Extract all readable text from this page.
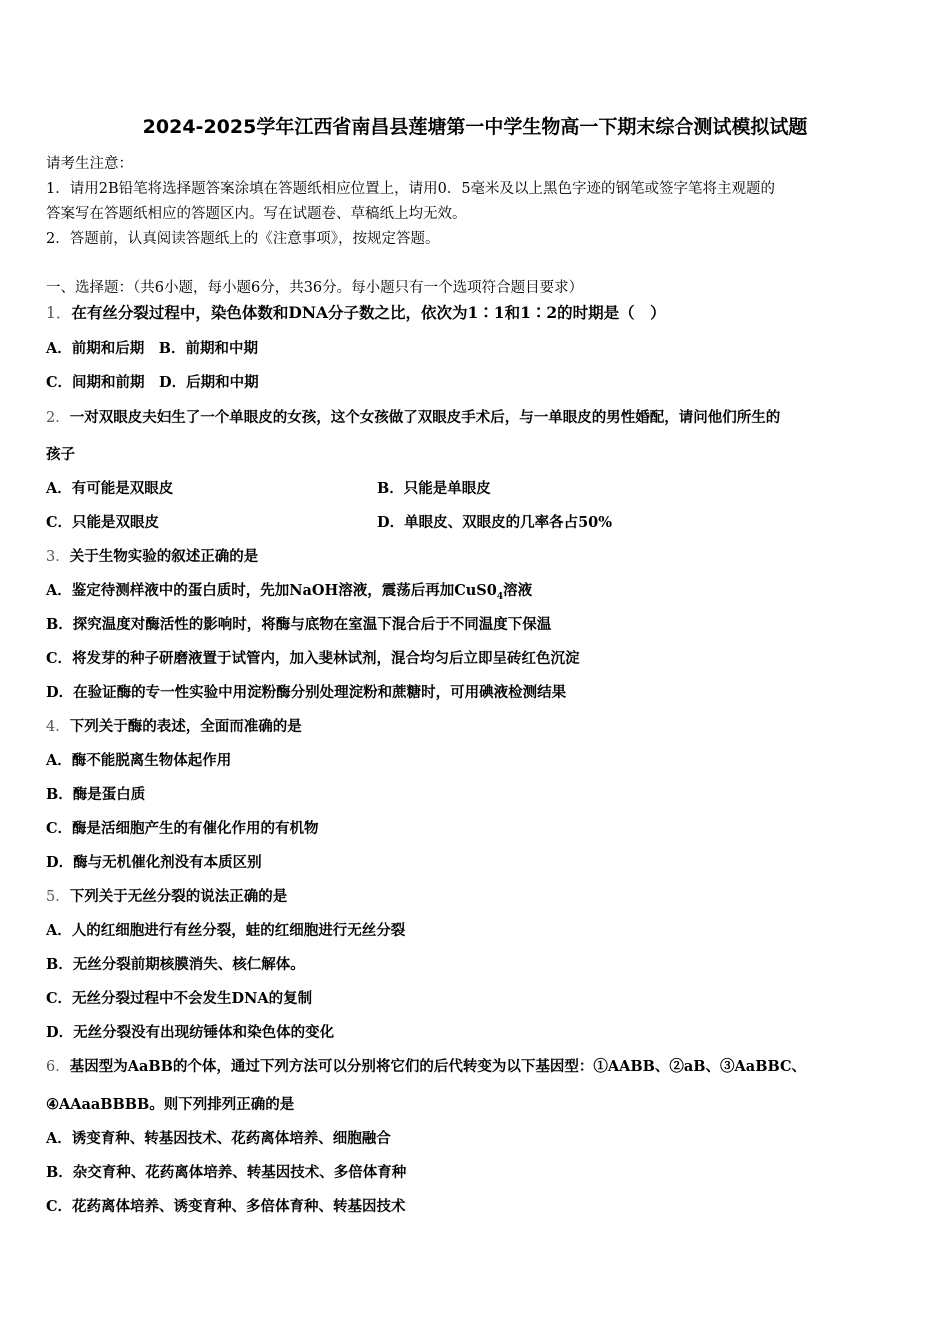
2024-2025学年江西省南昌县莲塘第一中学生物高一下期末综合测试模拟试题
请考生注意：
1．请用2B铅笔将选择题答案涂填在答题纸相应位置上，请用0．5毫米及以上黑色字迹的钢笔或签字笔将主观题的
答案写在答题纸相应的答题区内。写在试题卷、草稿纸上均无效。
2．答题前，认真阅读答题纸上的《注意事项》，按规定答题。
一、选择题：（共6小题，每小题6分，共36分。每小题只有一个选项符合题目要求）
1．在有丝分裂过程中，染色体数和DNA分子数之比，依次为1∶1和1∶2的时期是（　）
A．前期和后期　B．前期和中期
C．间期和前期　D．后期和中期
2．一对双眼皮夫妇生了一个单眼皮的女孩，这个女孩做了双眼皮手术后，与一单眼皮的男性婚配，请问他们所生的
孩子
A．有可能是双眼皮	B．只能是单眼皮
C．只能是双眼皮	D．单眼皮、双眼皮的几率各占50%
3．关于生物实验的叙述正确的是
A．鉴定待测样液中的蛋白质时，先加NaOH溶液，震荡后再加$CuS0_4$溶液
B．探究温度对酶活性的影响时，将酶与底物在室温下混合后于不同温度下保温
C．将发芽的种子研磨液置于试管内，加入斐林试剂，混合均匀后立即呈砖红色沉淀
D．在验证酶的专一性实验中用淀粉酶分别处理淀粉和蔗糖时，可用碘液检测结果
4．下列关于酶的表述，全面而准确的是
A．酶不能脱离生物体起作用
B．酶是蛋白质
C．酶是活细胞产生的有催化作用的有机物
D．酶与无机催化剂没有本质区别
5．下列关于无丝分裂的说法正确的是
A．人的红细胞进行有丝分裂，蛙的红细胞进行无丝分裂
B．无丝分裂前期核膜消失、核仁解体。
C．无丝分裂过程中不会发生DNA的复制
D．无丝分裂没有出现纺锤体和染色体的变化
6．基因型为AaBB的个体，通过下列方法可以分别将它们的后代转变为以下基因型：①AABB、②aB、③AaBBC、
④AAaaBBBB。则下列排列正确的是
A．诱变育种、转基因技术、花药离体培养、细胞融合
B．杂交育种、花药离体培养、转基因技术、多倍体育种
C．花药离体培养、诱变育种、多倍体育种、转基因技术
